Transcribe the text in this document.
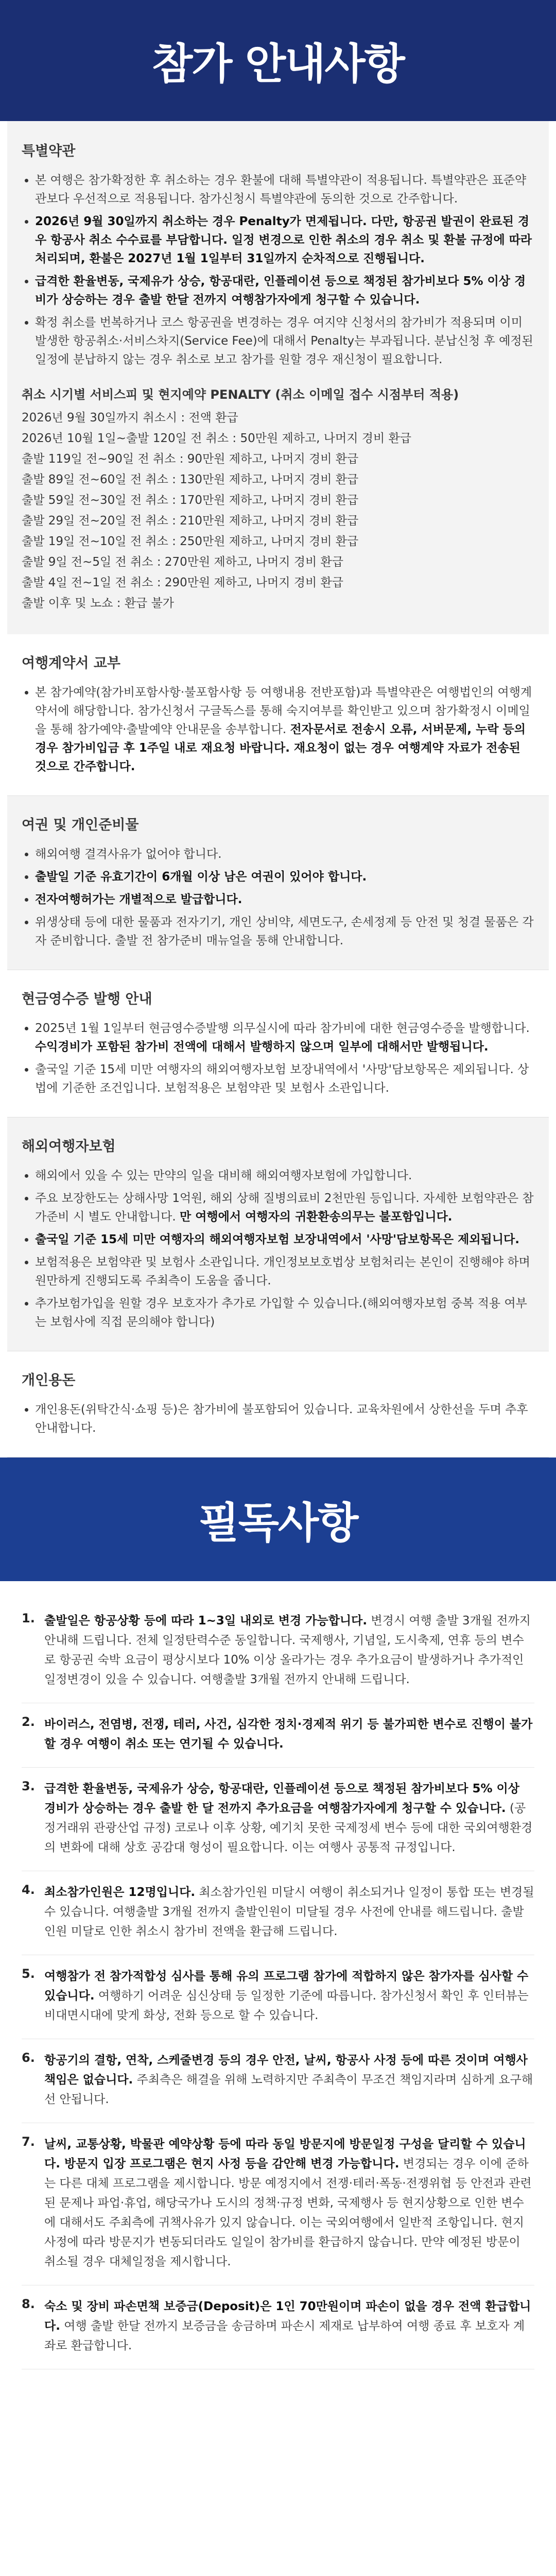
참가 안내사항
특별약관
• 본 여행은 참가확정한 후 취소하는 경우 환불에 대해 특별약관이 적용됩니다. 특별약관은 표준약관보다 우선적으로 적용됩니다. 참가신청시 특별약관에 동의한 것으로 간주합니다.
• 2026년 9월 30일까지 취소하는 경우 Penalty가 면제됩니다. 다만, 항공권 발권이 완료된 경우 항공사 취소 수수료를 부담합니다. 일정 변경으로 인한 취소의 경우 취소 및 환불 규정에 따라 처리되며, 환불은 2027년 1월 1일부터 31일까지 순차적으로 진행됩니다.
• 급격한 환율변동, 국제유가 상승, 항공대란, 인플레이션 등으로 책정된 참가비보다 5% 이상 경비가 상승하는 경우 출발 한달 전까지 여행참가자에게 청구할 수 있습니다.
• 확정 취소를 번복하거나 코스 항공권을 변경하는 경우 여지약 신청서의 참가비가 적용되며 이미 발생한 항공취소·서비스차지(Service Fee)에 대해서 Penalty는 부과됩니다. 분납신청 후 예정된 일정에 분납하지 않는 경우 취소로 보고 참가를 원할 경우 재신청이 필요합니다.
취소 시기별 서비스피 및 현지예약 PENALTY (취소 이메일 접수 시점부터 적용)
2026년 9월 30일까지 취소시 : 전액 환급
2026년 10월 1일~출발 120일 전 취소 : 50만원 제하고, 나머지 경비 환급
출발 119일 전~90일 전 취소 : 90만원 제하고, 나머지 경비 환급
출발 89일 전~60일 전 취소 : 130만원 제하고, 나머지 경비 환급
출발 59일 전~30일 전 취소 : 170만원 제하고, 나머지 경비 환급
출발 29일 전~20일 전 취소 : 210만원 제하고, 나머지 경비 환급
출발 19일 전~10일 전 취소 : 250만원 제하고, 나머지 경비 환급
출발 9일 전~5일 전 취소 : 270만원 제하고, 나머지 경비 환급
출발 4일 전~1일 전 취소 : 290만원 제하고, 나머지 경비 환급
출발 이후 및 노쇼 : 환급 불가
여행계약서 교부
• 본 참가예약(참가비포함사항·불포함사항 등 여행내용 전반포함)과 특별약관은 여행법인의 여행계약서에 해당합니다. 참가신청서 구글독스를 통해 숙지여부를 확인받고 있으며 참가확정시 이메일을 통해 참가예약·출발예약 안내문을 송부합니다. 전자문서로 전송시 오류, 서버문제, 누락 등의 경우 참가비입금 후 1주일 내로 재요청 바랍니다. 재요청이 없는 경우 여행계약 자료가 전송된 것으로 간주합니다.
여권 및 개인준비물
• 해외여행 결격사유가 없어야 합니다.
• 출발일 기준 유효기간이 6개월 이상 남은 여권이 있어야 합니다.
• 전자여행허가는 개별적으로 발급합니다.
• 위생상태 등에 대한 물품과 전자기기, 개인 상비약, 세면도구, 손세정제 등 안전 및 청결 물품은 각자 준비합니다. 출발 전 참가준비 매뉴얼을 통해 안내합니다.
현금영수증 발행 안내
• 2025년 1월 1일부터 현금영수증발행 의무실시에 따라 참가비에 대한 현금영수증을 발행합니다. 수익경비가 포함된 참가비 전액에 대해서 발행하지 않으며 일부에 대해서만 발행됩니다.
• 출국일 기준 15세 미만 여행자의 해외여행자보험 보장내역에서 '사망'담보항목은 제외됩니다. 상법에 기준한 조건입니다. 보험적용은 보험약관 및 보험사 소관입니다.
해외여행자보험
• 해외에서 있을 수 있는 만약의 일을 대비해 해외여행자보험에 가입합니다.
• 주요 보장한도는 상해사망 1억원, 해외 상해 질병의료비 2천만원 등입니다. 자세한 보험약관은 참가준비 시 별도 안내합니다. 만 여행에서 여행자의 귀환환송의무는 불포함입니다.
• 출국일 기준 15세 미만 여행자의 해외여행자보험 보장내역에서 '사망'담보항목은 제외됩니다.
• 보험적용은 보험약관 및 보험사 소관입니다. 개인정보보호법상 보험처리는 본인이 진행해야 하며 원만하게 진행되도록 주최측이 도움을 줍니다.
• 추가보험가입을 원할 경우 보호자가 추가로 가입할 수 있습니다.(해외여행자보험 중복 적용 여부는 보험사에 직접 문의해야 합니다)
개인용돈
• 개인용돈(위탁간식·쇼핑 등)은 참가비에 불포함되어 있습니다. 교육차원에서 상한선을 두며 추후 안내합니다.
필독사항
1. 출발일은 항공상황 등에 따라 1~3일 내외로 변경 가능합니다. 변경시 여행 출발 3개월 전까지 안내해 드립니다. 전체 일정탄력수준 동일합니다. 국제행사, 기념일, 도시축제, 연휴 등의 변수로 항공권 숙박 요금이 평상시보다 10% 이상 올라가는 경우 추가요금이 발생하거나 추가적인 일정변경이 있을 수 있습니다. 여행출발 3개월 전까지 안내해 드립니다.
2. 바이러스, 전염병, 전쟁, 테러, 사건, 심각한 정치·경제적 위기 등 불가피한 변수로 진행이 불가할 경우 여행이 취소 또는 연기될 수 있습니다.
3. 급격한 환율변동, 국제유가 상승, 항공대란, 인플레이션 등으로 책정된 참가비보다 5% 이상 경비가 상승하는 경우 출발 한 달 전까지 추가요금을 여행참가자에게 청구할 수 있습니다. (공정거래위 관광산업 규정) 코로나 이후 상황, 예기치 못한 국제정세 변수 등에 대한 국외여행환경의 변화에 대해 상호 공감대 형성이 필요합니다. 이는 여행사 공통적 규정입니다.
4. 최소참가인원은 12명입니다. 최소참가인원 미달시 여행이 취소되거나 일정이 통합 또는 변경될 수 있습니다. 여행출발 3개월 전까지 출발인원이 미달될 경우 사전에 안내를 해드립니다. 출발인원 미달로 인한 취소시 참가비 전액을 환급해 드립니다.
5. 여행참가 전 참가적합성 심사를 통해 유의 프로그램 참가에 적합하지 않은 참가자를 심사할 수 있습니다. 여행하기 어려운 심신상태 등 일정한 기준에 따릅니다. 참가신청서 확인 후 인터뷰는 비대면시대에 맞게 화상, 전화 등으로 할 수 있습니다.
6. 항공기의 결항, 연착, 스케줄변경 등의 경우 안전, 날씨, 항공사 사정 등에 따른 것이며 여행사 책임은 없습니다. 주최측은 해결을 위해 노력하지만 주최측이 무조건 책임지라며 심하게 요구해선 안됩니다.
7. 날씨, 교통상황, 박물관 예약상황 등에 따라 동일 방문지에 방문일정 구성을 달리할 수 있습니다. 방문지 입장 프로그램은 현지 사정 등을 감안해 변경 가능합니다. 변경되는 경우 이에 준하는 다른 대체 프로그램을 제시합니다. 방문 예정지에서 전쟁·테러·폭동·전쟁위협 등 안전과 관련된 문제나 파업·휴업, 해당국가나 도시의 정책·규정 변화, 국제행사 등 현지상황으로 인한 변수에 대해서도 주최측에 귀책사유가 있지 않습니다. 이는 국외여행에서 일반적 조항입니다. 현지사정에 따라 방문지가 변동되더라도 일일이 참가비를 환급하지 않습니다. 만약 예정된 방문이 취소될 경우 대체일정을 제시합니다.
8. 숙소 및 장비 파손면책 보증금(Deposit)은 1인 70만원이며 파손이 없을 경우 전액 환급합니다. 여행 출발 한달 전까지 보증금을 송금하며 파손시 제재로 납부하여 여행 종료 후 보호자 계좌로 환급합니다.
